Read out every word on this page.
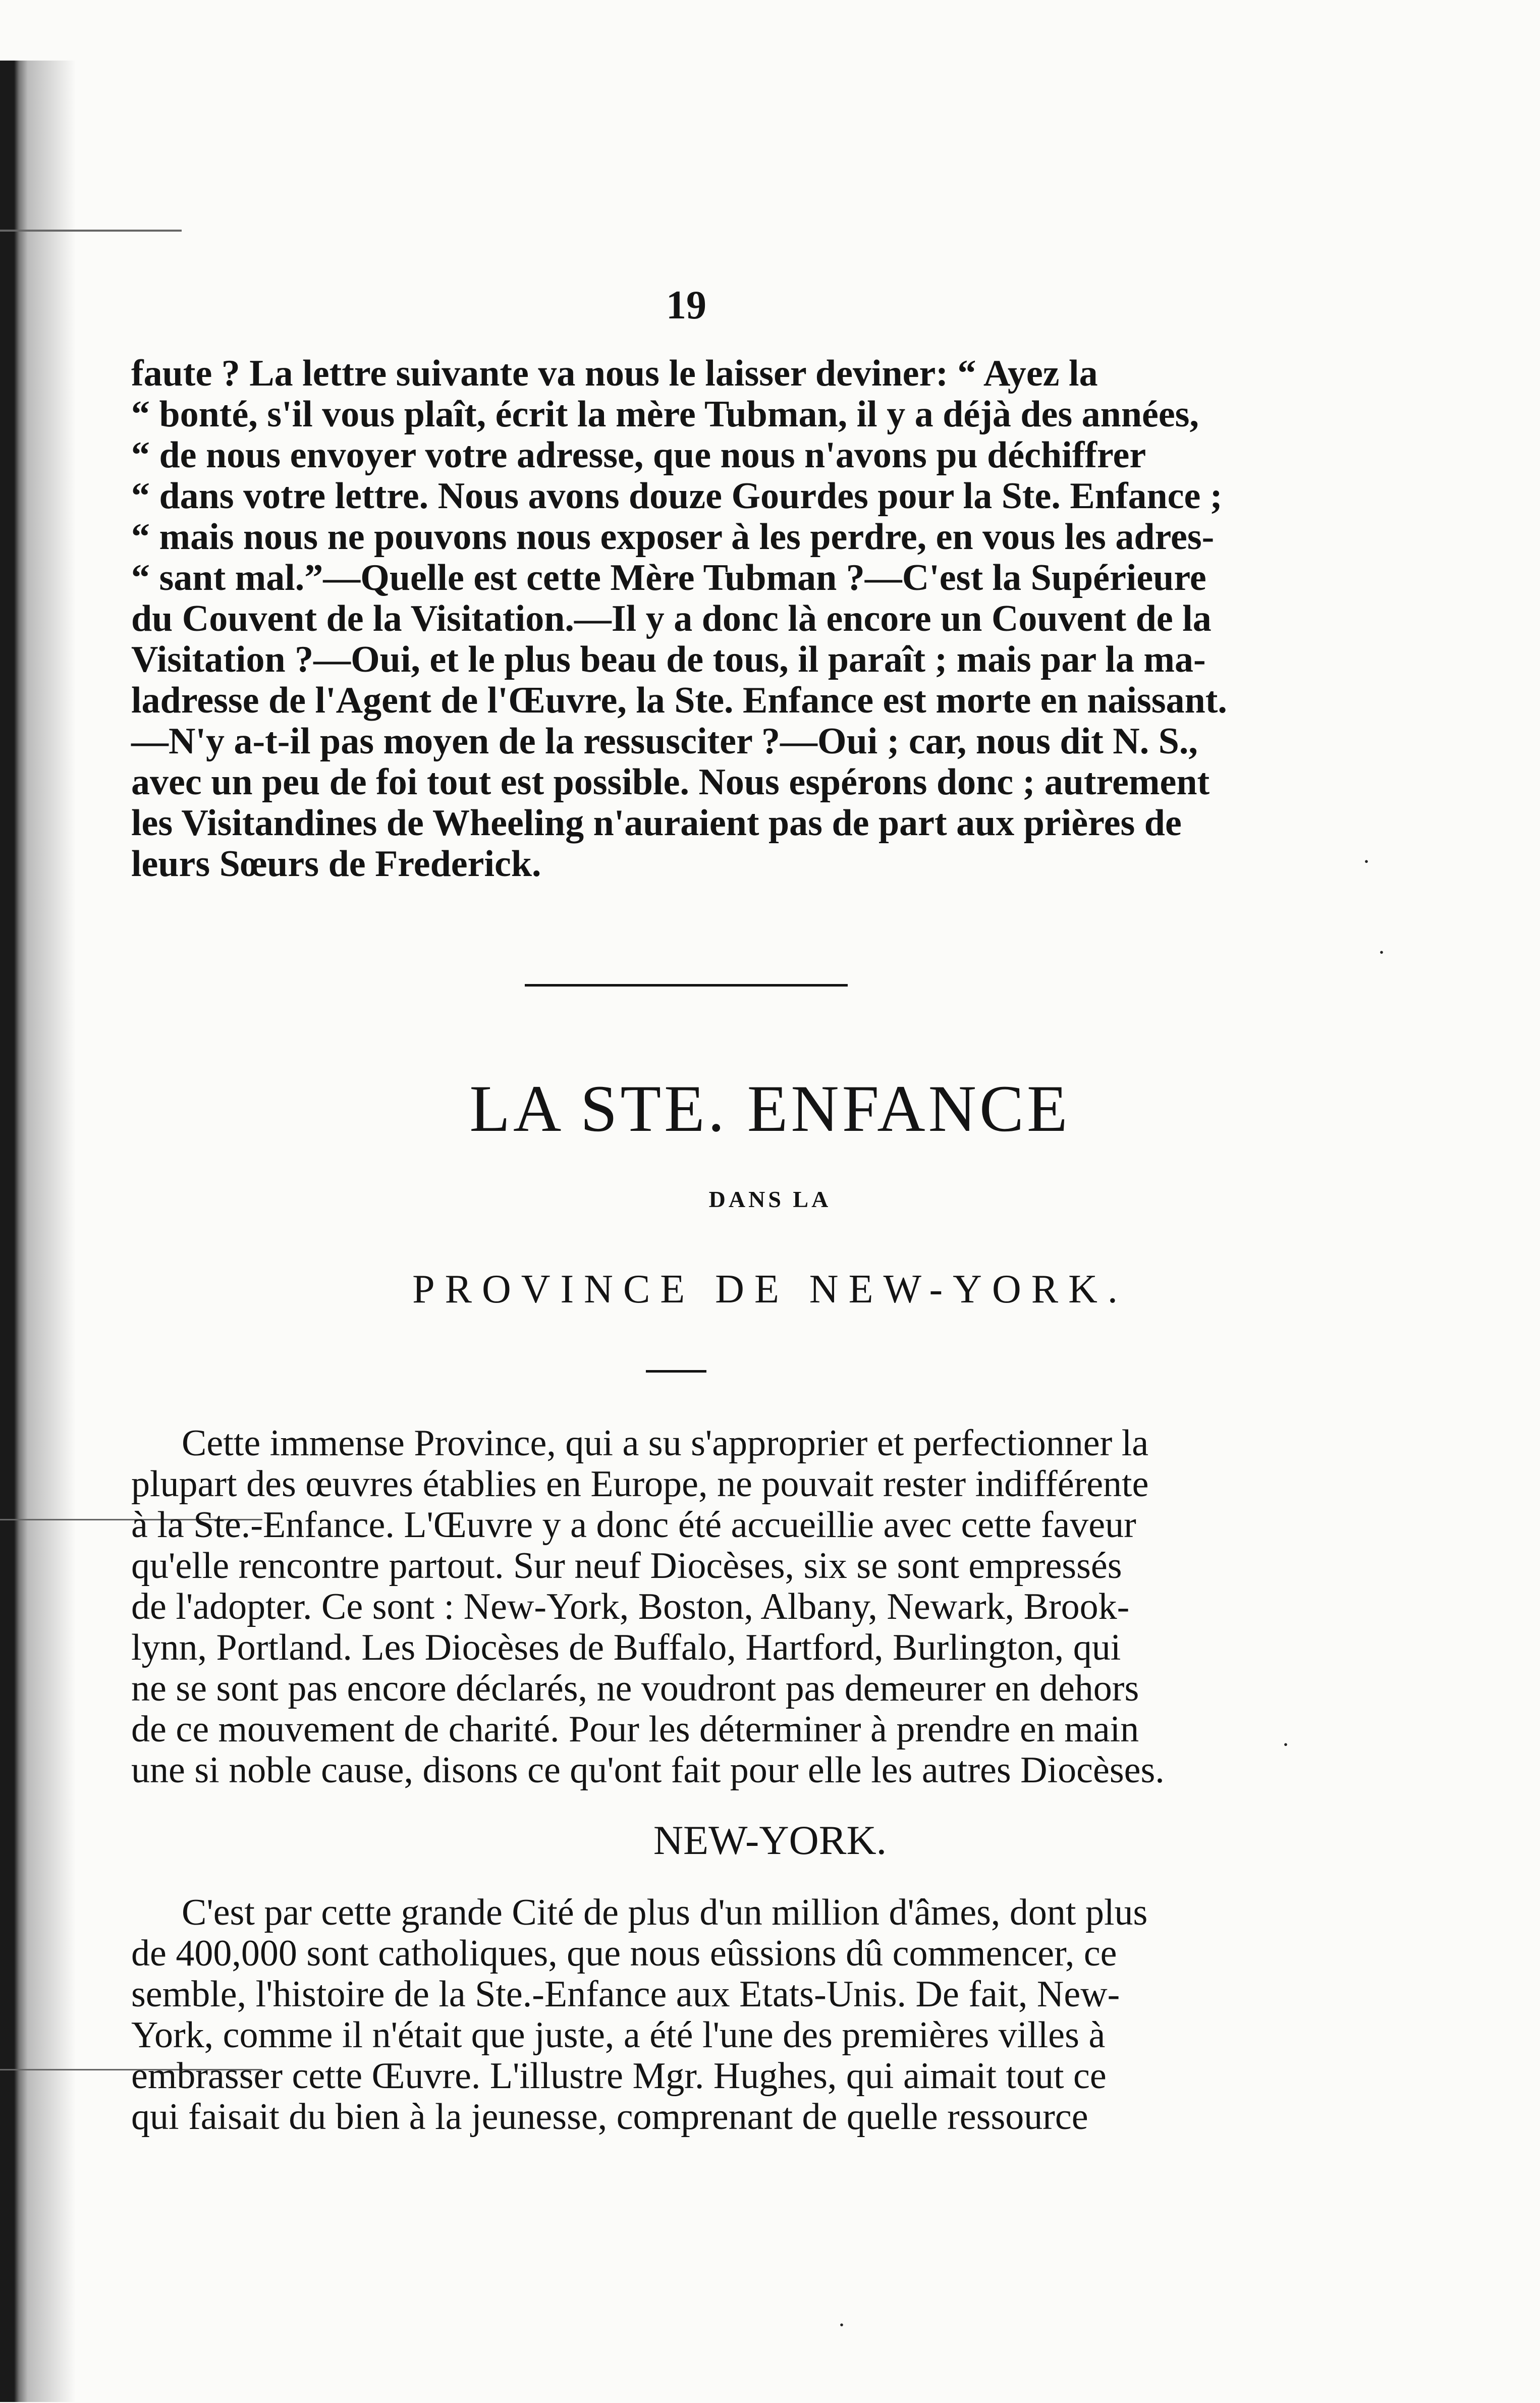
19
faute ? La lettre suivante va nous le laisser deviner: “ Ayez la
“ bonté, s'il vous plaît, écrit la mère Tubman, il y a déjà des années,
“ de nous envoyer votre adresse, que nous n'avons pu déchiffrer
“ dans votre lettre. Nous avons douze Gourdes pour la Ste. Enfance ;
“ mais nous ne pouvons nous exposer à les perdre, en vous les adres-
“ sant mal.”—Quelle est cette Mère Tubman ?—C'est la Supérieure
du Couvent de la Visitation.—Il y a donc là encore un Couvent de la
Visitation ?—Oui, et le plus beau de tous, il paraît ; mais par la ma-
ladresse de l'Agent de l'Œuvre, la Ste. Enfance est morte en naissant.
—N'y a-t-il pas moyen de la ressusciter ?—Oui ; car, nous dit N. S.,
avec un peu de foi tout est possible. Nous espérons donc ; autrement
les Visitandines de Wheeling n'auraient pas de part aux prières de
leurs Sœurs de Frederick.
LA STE. ENFANCE
DANS LA
PROVINCE DE NEW-YORK.
Cette immense Province, qui a su s'approprier et perfectionner la
plupart des œuvres établies en Europe, ne pouvait rester indifférente
à la Ste.-Enfance. L'Œuvre y a donc été accueillie avec cette faveur
qu'elle rencontre partout. Sur neuf Diocèses, six se sont empressés
de l'adopter. Ce sont : New-York, Boston, Albany, Newark, Brook-
lynn, Portland. Les Diocèses de Buffalo, Hartford, Burlington, qui
ne se sont pas encore déclarés, ne voudront pas demeurer en dehors
de ce mouvement de charité. Pour les déterminer à prendre en main
une si noble cause, disons ce qu'ont fait pour elle les autres Diocèses.
NEW-YORK.
C'est par cette grande Cité de plus d'un million d'âmes, dont plus
de 400,000 sont catholiques, que nous eûssions dû commencer, ce
semble, l'histoire de la Ste.-Enfance aux Etats-Unis. De fait, New-
York, comme il n'était que juste, a été l'une des premières villes à
embrasser cette Œuvre. L'illustre Mgr. Hughes, qui aimait tout ce
qui faisait du bien à la jeunesse, comprenant de quelle ressource
·
·
·
·
